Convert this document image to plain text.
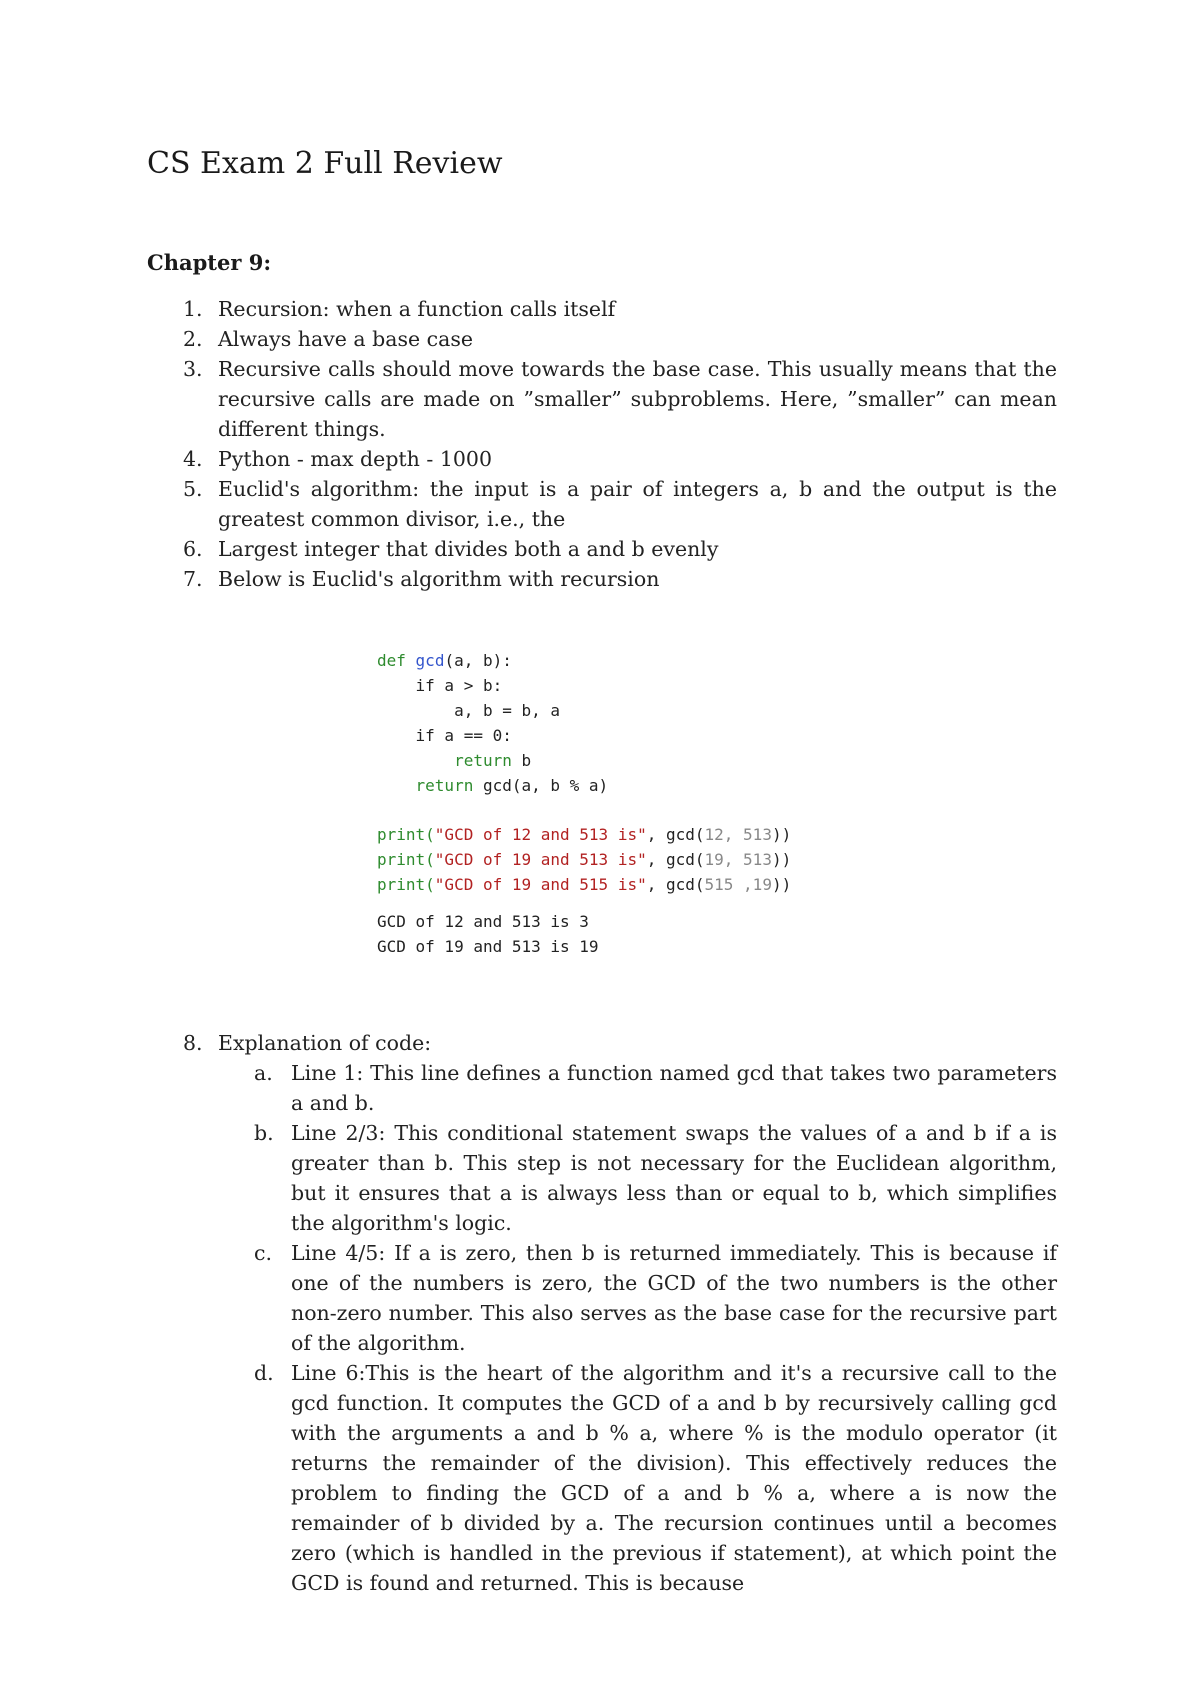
CS Exam 2 Full Review
Chapter 9:
1. Recursion: when a function calls itself
2. Always have a base case
3. Recursive calls should move towards the base case. This usually means that the recursive calls are made on ”smaller” subproblems. Here, ”smaller” can mean different things.
4. Python - max depth - 1000
5. Euclid's algorithm: the input is a pair of integers a, b and the output is the greatest common divisor, i.e., the
6. Largest integer that divides both a and b evenly
7. Below is Euclid's algorithm with recursion
def gcd(a, b):
if a > b:
a, b = b, a
if a == 0:
return b
return gcd(a, b % a)
print("GCD of 12 and 513 is", gcd(12, 513))
print("GCD of 19 and 513 is", gcd(19, 513))
print("GCD of 19 and 515 is", gcd(515 ,19))
GCD of 12 and 513 is 3
GCD of 19 and 513 is 19
8. Explanation of code:
a. Line 1: This line defines a function named gcd that takes two parameters a and b.
b. Line 2/3: This conditional statement swaps the values of a and b if a is greater than b. This step is not necessary for the Euclidean algorithm, but it ensures that a is always less than or equal to b, which simplifies the algorithm's logic.
c. Line 4/5: If a is zero, then b is returned immediately. This is because if one of the numbers is zero, the GCD of the two numbers is the other non-zero number. This also serves as the base case for the recursive part of the algorithm.
d. Line 6:This is the heart of the algorithm and it's a recursive call to the gcd function. It computes the GCD of a and b by recursively calling gcd with the arguments a and b % a, where % is the modulo operator (it returns the remainder of the division). This effectively reduces the problem to finding the GCD of a and b % a, where a is now the remainder of b divided by a. The recursion continues until a becomes zero (which is handled in the previous if statement), at which point the GCD is found and returned. This is because
